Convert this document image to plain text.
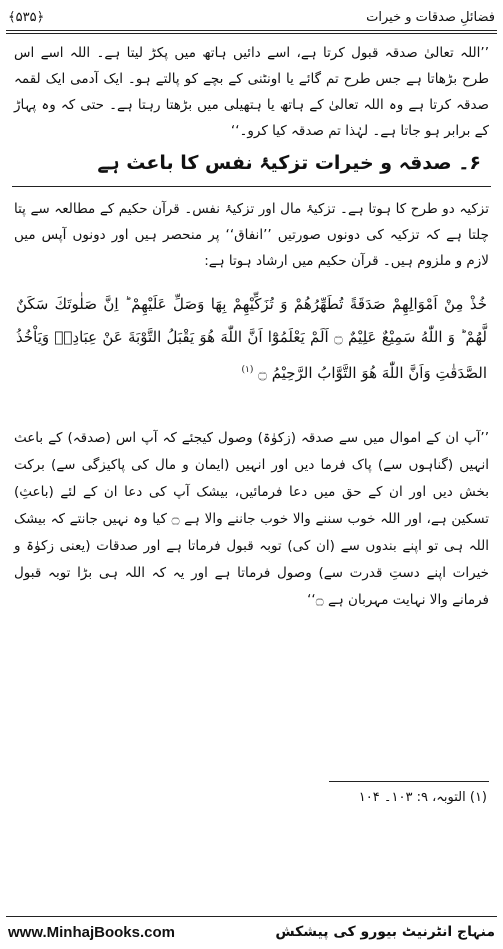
﴾۵۳۵﴿	فضائلِ صدقات و خیرات
’’اللہ تعالیٰ صدقہ قبول کرتا ہے، اسے دائیں ہاتھ میں پکڑ لیتا ہے۔ اللہ اسے اس طرح بڑھاتا ہے جس طرح تم گائے یا اونٹنی کے بچے کو پالتے ہو۔ ایک آدمی ایک لقمہ صدقہ کرتا ہے وہ اللہ تعالیٰ کے ہاتھ یا ہتھیلی میں بڑھتا رہتا ہے۔ حتی کہ وہ پہاڑ کے برابر ہو جاتا ہے۔ لہٰذا تم صدقہ کیا کرو۔‘‘
۶۔ صدقہ و خیرات تزکیۂ نفس کا باعث ہے
تزکیہ دو طرح کا ہوتا ہے۔ تزکیۂ مال اور تزکیۂ نفس۔ قرآن حکیم کے مطالعہ سے پتا چلتا ہے کہ تزکیہ کی دونوں صورتیں ’’انفاق‘‘ پر منحصر ہیں اور دونوں آپس میں لازم و ملزوم ہیں۔ قرآن حکیم میں ارشاد ہوتا ہے:
خُذْ مِنْ اَمْوَالِهِمْ صَدَقَةً تُطَهِّرُهُمْ وَ تُزَكِّيْهِمْ بِهَا وَصَلِّ عَلَيْهِمْ ؕ اِنَّ صَلٰوتَكَ سَكَنٌ لَّهُمْ ؕ وَ اللّٰهُ سَمِيْعٌ عَلِيْمٌ ۝ اَلَمْ يَعْلَمُوْٓا اَنَّ اللّٰهَ هُوَ يَقْبَلُ التَّوْبَةَ عَنْ عِبَادِهٖ وَيَاْخُذُ الصَّدَقٰتِ وَاَنَّ اللّٰهَ هُوَ التَّوَّابُ الرَّحِيْمُ ۝ $^{(۱)}$
’’آپ ان کے اموال میں سے صدقہ (زکوٰۃ) وصول کیجئے کہ آپ اس (صدقہ) کے باعث انہیں (گناہوں سے) پاک فرما دیں اور انہیں (ایمان و مال کی پاکیزگی سے) برکت بخش دیں اور ان کے حق میں دعا فرمائیں، بیشک آپ کی دعا ان کے لئے (باعثِ) تسکین ہے، اور اللہ خوب سننے والا خوب جاننے والا ہے ۝ کیا وہ نہیں جانتے کہ بیشک اللہ ہی تو اپنے بندوں سے (ان کی) توبہ قبول فرماتا ہے اور صدقات (یعنی زکوٰۃ و خیرات اپنے دستِ قدرت سے) وصول فرماتا ہے اور یہ کہ اللہ ہی بڑا توبہ قبول فرمانے والا نہایت مہربان ہے ۝‘‘
(۱) التوبہ، ۹: ۱۰۳۔ ۱۰۴
www.MinhajBooks.com	منہاج انٹرنیٹ بیورو کی پیشکش
